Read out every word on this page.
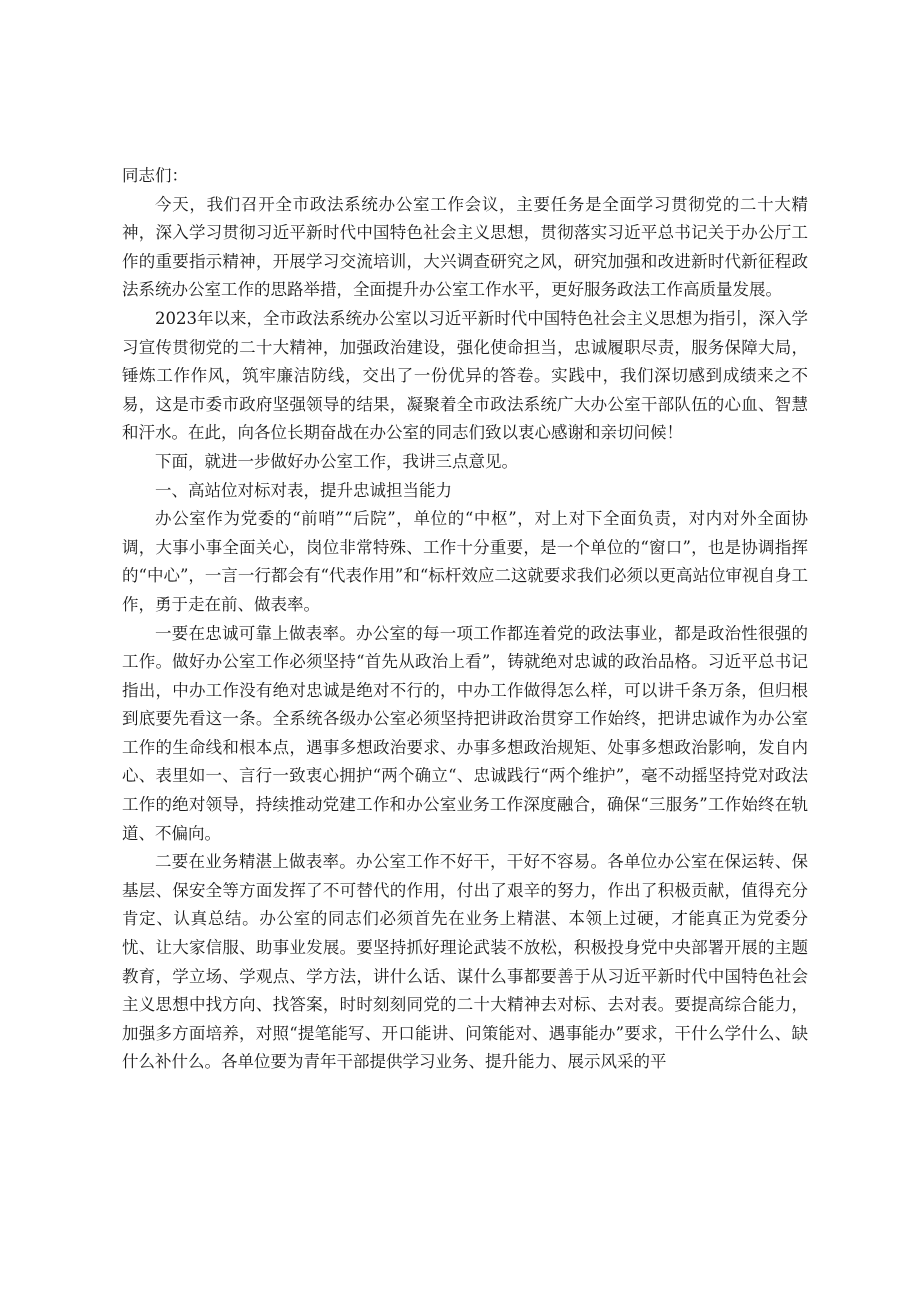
同志们：

今天，我们召开全市政法系统办公室工作会议，主要任务是全面学习贯彻党的二十大精神，深入学习贯彻习近平新时代中国特色社会主义思想，贯彻落实习近平总书记关于办公厅工作的重要指示精神，开展学习交流培训，大兴调查研究之风，研究加强和改进新时代新征程政法系统办公室工作的思路举措，全面提升办公室工作水平，更好服务政法工作高质量发展。

2023年以来，全市政法系统办公室以习近平新时代中国特色社会主义思想为指引，深入学习宣传贯彻党的二十大精神，加强政治建设，强化使命担当，忠诚履职尽责，服务保障大局，锤炼工作作风，筑牢廉洁防线，交出了一份优异的答卷。实践中，我们深切感到成绩来之不易，这是市委市政府坚强领导的结果，凝聚着全市政法系统广大办公室干部队伍的心血、智慧和汗水。在此，向各位长期奋战在办公室的同志们致以衷心感谢和亲切问候！

下面，就进一步做好办公室工作，我讲三点意见。

一、高站位对标对表，提升忠诚担当能力

办公室作为党委的“前哨”“后院”，单位的“中枢”，对上对下全面负责，对内对外全面协调，大事小事全面关心，岗位非常特殊、工作十分重要，是一个单位的“窗口”，也是协调指挥的“中心”，一言一行都会有“代表作用”和“标杆效应二这就要求我们必须以更高站位审视自身工作，勇于走在前、做表率。

一要在忠诚可靠上做表率。办公室的每一项工作都连着党的政法事业，都是政治性很强的工作。做好办公室工作必须坚持“首先从政治上看”，铸就绝对忠诚的政治品格。习近平总书记指出，中办工作没有绝对忠诚是绝对不行的，中办工作做得怎么样，可以讲千条万条，但归根到底要先看这一条。全系统各级办公室必须坚持把讲政治贯穿工作始终，把讲忠诚作为办公室工作的生命线和根本点，遇事多想政治要求、办事多想政治规矩、处事多想政治影响，发自内心、表里如一、言行一致衷心拥护“两个确立“、忠诚践行“两个维护”，毫不动摇坚持党对政法工作的绝对领导，持续推动党建工作和办公室业务工作深度融合，确保“三服务”工作始终在轨道、不偏向。

二要在业务精湛上做表率。办公室工作不好干，干好不容易。各单位办公室在保运转、保基层、保安全等方面发挥了不可替代的作用，付出了艰辛的努力，作出了积极贡献，值得充分肯定、认真总结。办公室的同志们必须首先在业务上精湛、本领上过硬，才能真正为党委分忧、让大家信服、助事业发展。要坚持抓好理论武装不放松，积极投身党中央部署开展的主题教育，学立场、学观点、学方法，讲什么话、谋什么事都要善于从习近平新时代中国特色社会主义思想中找方向、找答案，时时刻刻同党的二十大精神去对标、去对表。要提高综合能力，加强多方面培养，对照“提笔能写、开口能讲、问策能对、遇事能办”要求，干什么学什么、缺什么补什么。各单位要为青年干部提供学习业务、提升能力、展示风采的平
